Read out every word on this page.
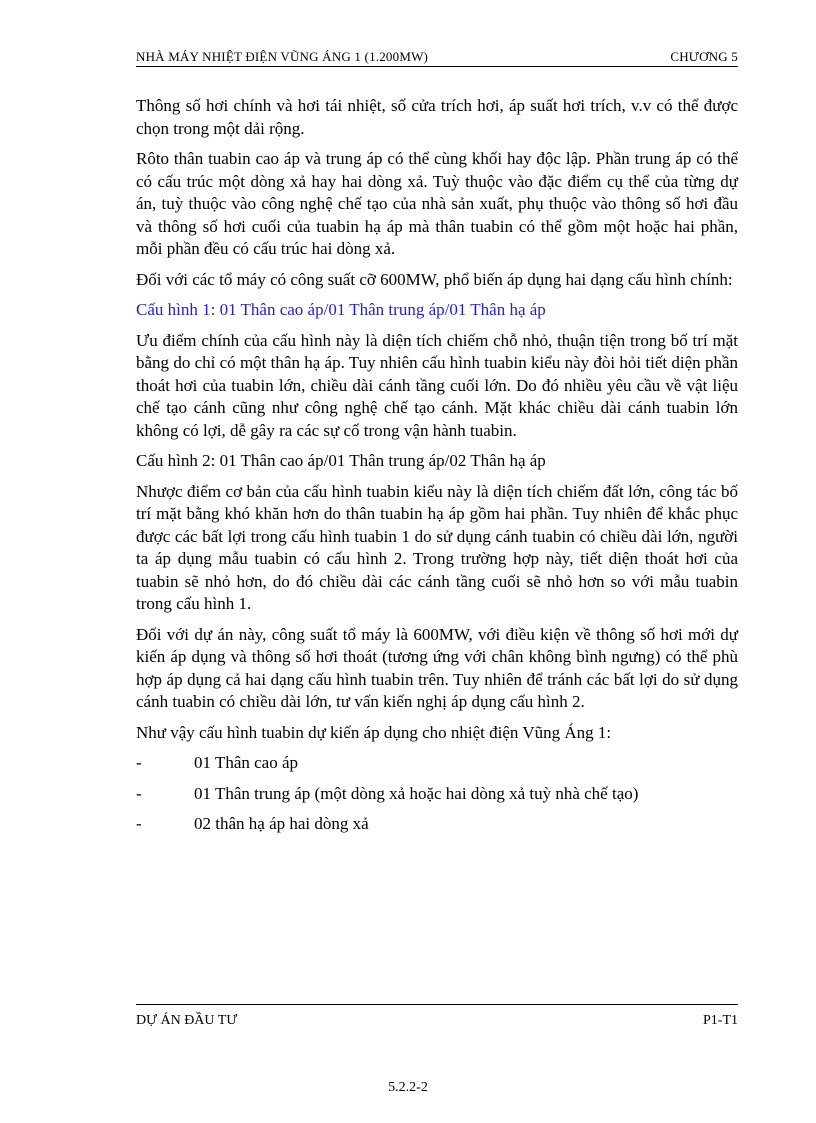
NHÀ MÁY NHIỆT ĐIỆN VŨNG ÁNG 1 (1.200MW)	CHƯƠNG 5

Thông số hơi chính và hơi tái nhiệt, số cửa trích hơi, áp suất hơi trích, v.v có thể được chọn trong một dải rộng.

Rôto thân tuabin cao áp và trung áp có thể cùng khối hay độc lập. Phần trung áp có thể có cấu trúc một dòng xả hay hai dòng xả. Tuỳ thuộc vào đặc điểm cụ thể của từng dự án, tuỳ thuộc vào công nghệ chế tạo của nhà sản xuất, phụ thuộc vào thông số hơi đầu và thông số hơi cuối của tuabin hạ áp mà thân tuabin có thể gồm một hoặc hai phần, mỗi phần đều có cấu trúc hai dòng xả.

Đối với các tổ máy có công suất cỡ 600MW, phổ biến áp dụng hai dạng cấu hình chính:

Cấu hình 1: 01 Thân cao áp/01 Thân trung áp/01 Thân hạ áp

Ưu điểm chính của cấu hình này là diện tích chiếm chỗ nhỏ, thuận tiện trong bố trí mặt bằng do chỉ có một thân hạ áp. Tuy nhiên cấu hình tuabin kiểu này đòi hỏi tiết diện phần thoát hơi của tuabin lớn, chiều dài cánh tầng cuối lớn. Do đó nhiều yêu cầu về vật liệu chế tạo cánh cũng như công nghệ chế tạo cánh. Mặt khác chiều dài cánh tuabin lớn không có lợi, dễ gây ra các sự cố trong vận hành tuabin.

Cấu hình 2: 01 Thân cao áp/01 Thân trung áp/02 Thân hạ áp

Nhược điểm cơ bản của cấu hình tuabin kiểu này là diện tích chiếm đất lớn, công tác bố trí mặt bằng khó khăn hơn do thân tuabin hạ áp gồm hai phần. Tuy nhiên để khắc phục được các bất lợi trong cấu hình tuabin 1 do sử dụng cánh tuabin có chiều dài lớn, người ta áp dụng mẫu tuabin có cấu hình 2. Trong trường hợp này, tiết diện thoát hơi của tuabin sẽ nhỏ hơn, do đó chiều dài các cánh tầng cuối sẽ nhỏ hơn so với mẫu tuabin trong cấu hình 1.

Đối với dự án này, công suất tổ máy là 600MW, với điều kiện về thông số hơi mới dự kiến áp dụng và thông số hơi thoát (tương ứng với chân không bình ngưng) có thể phù hợp áp dụng cả hai dạng cấu hình tuabin trên. Tuy nhiên để tránh các bất lợi do sử dụng cánh tuabin có chiều dài lớn, tư vấn kiến nghị áp dụng cấu hình 2.

Như vậy cấu hình tuabin dự kiến áp dụng cho nhiệt điện Vũng Áng 1:

-	01 Thân cao áp
-	01 Thân trung áp (một dòng xả hoặc hai dòng xả tuỳ nhà chế tạo)
-	02 thân hạ áp hai dòng xả
DỰ ÁN ĐẦU TƯ	P1-T1
5.2.2-2
